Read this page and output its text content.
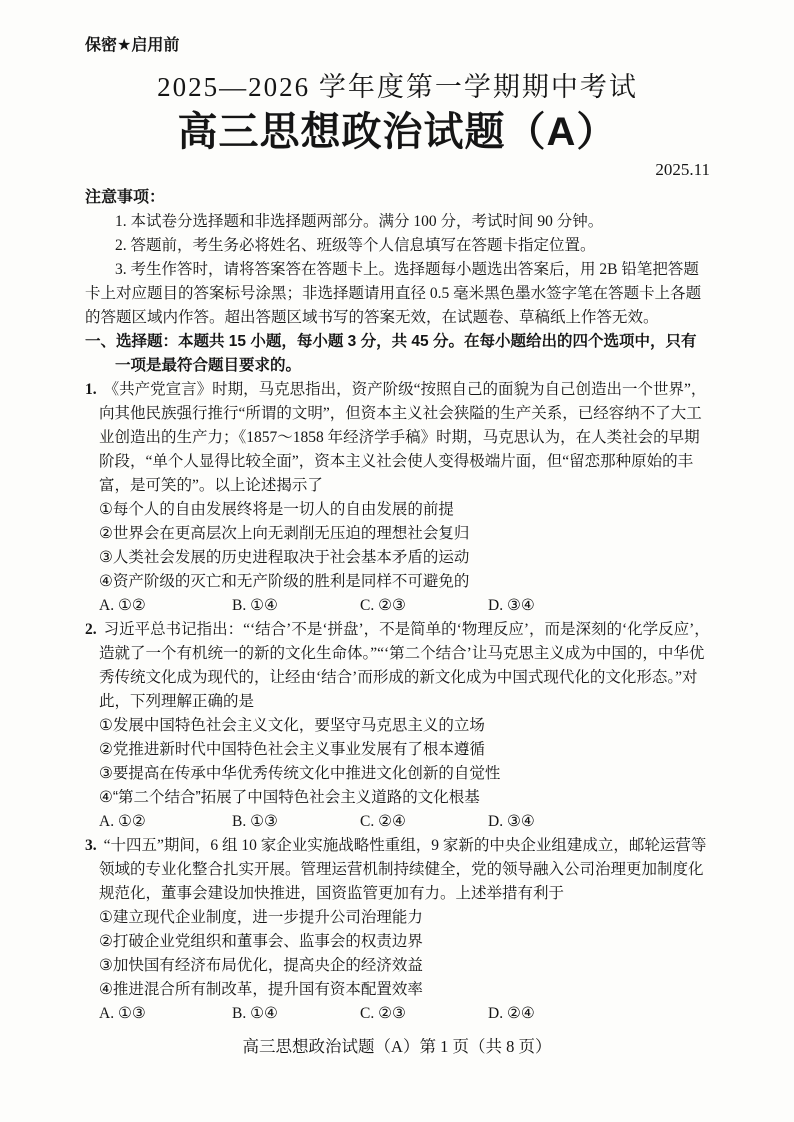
保密★启用前
2025—2026 学年度第一学期期中考试
高三思想政治试题（A）
2025.11
注意事项：

1. 本试卷分选择题和非选择题两部分。满分 100 分，考试时间 90 分钟。

2. 答题前，考生务必将姓名、班级等个人信息填写在答题卡指定位置。

3. 考生作答时，请将答案答在答题卡上。选择题每小题选出答案后，用 2B 铅笔把答题卡上对应题目的答案标号涂黑；非选择题请用直径 0.5 毫米黑色墨水签字笔在答题卡上各题的答题区域内作答。超出答题区域书写的答案无效，在试题卷、草稿纸上作答无效。

一、选择题：本题共 15 小题，每小题 3 分，共 45 分。在每小题给出的四个选项中，只有一项是最符合题目要求的。

1. 《共产党宣言》时期，马克思指出，资产阶级“按照自己的面貌为自己创造出一个世界”，向其他民族强行推行“所谓的文明”，但资本主义社会狭隘的生产关系，已经容纳不了大工业创造出的生产力；《1857～1858 年经济学手稿》时期，马克思认为，在人类社会的早期阶段，“单个人显得比较全面”，资本主义社会使人变得极端片面，但“留恋那种原始的丰富，是可笑的”。以上论述揭示了

①每个人的自由发展终将是一切人的自由发展的前提
②世界会在更高层次上向无剥削无压迫的理想社会复归
③人类社会发展的历史进程取决于社会基本矛盾的运动
④资产阶级的灭亡和无产阶级的胜利是同样不可避免的
A. ①②	B. ①④	C. ②③	D. ③④

2. 习近平总书记指出：“‘结合’不是‘拼盘’，不是简单的‘物理反应’，而是深刻的‘化学反应’，造就了一个有机统一的新的文化生命体。”“‘第二个结合’让马克思主义成为中国的，中华优秀传统文化成为现代的，让经由‘结合’而形成的新文化成为中国式现代化的文化形态。”对此，下列理解正确的是

①发展中国特色社会主义文化，要坚守马克思主义的立场
②党推进新时代中国特色社会主义事业发展有了根本遵循
③要提高在传承中华优秀传统文化中推进文化创新的自觉性
④“第二个结合”拓展了中国特色社会主义道路的文化根基
A. ①②	B. ①③	C. ②④	D. ③④

3. “十四五”期间，6 组 10 家企业实施战略性重组，9 家新的中央企业组建成立，邮轮运营等领域的专业化整合扎实开展。管理运营机制持续健全，党的领导融入公司治理更加制度化规范化，董事会建设加快推进，国资监管更加有力。上述举措有利于

①建立现代企业制度，进一步提升公司治理能力
②打破企业党组织和董事会、监事会的权责边界
③加快国有经济布局优化，提高央企的经济效益
④推进混合所有制改革，提升国有资本配置效率
A. ①③	B. ①④	C. ②③	D. ②④
高三思想政治试题（A）第 1 页（共 8 页）
